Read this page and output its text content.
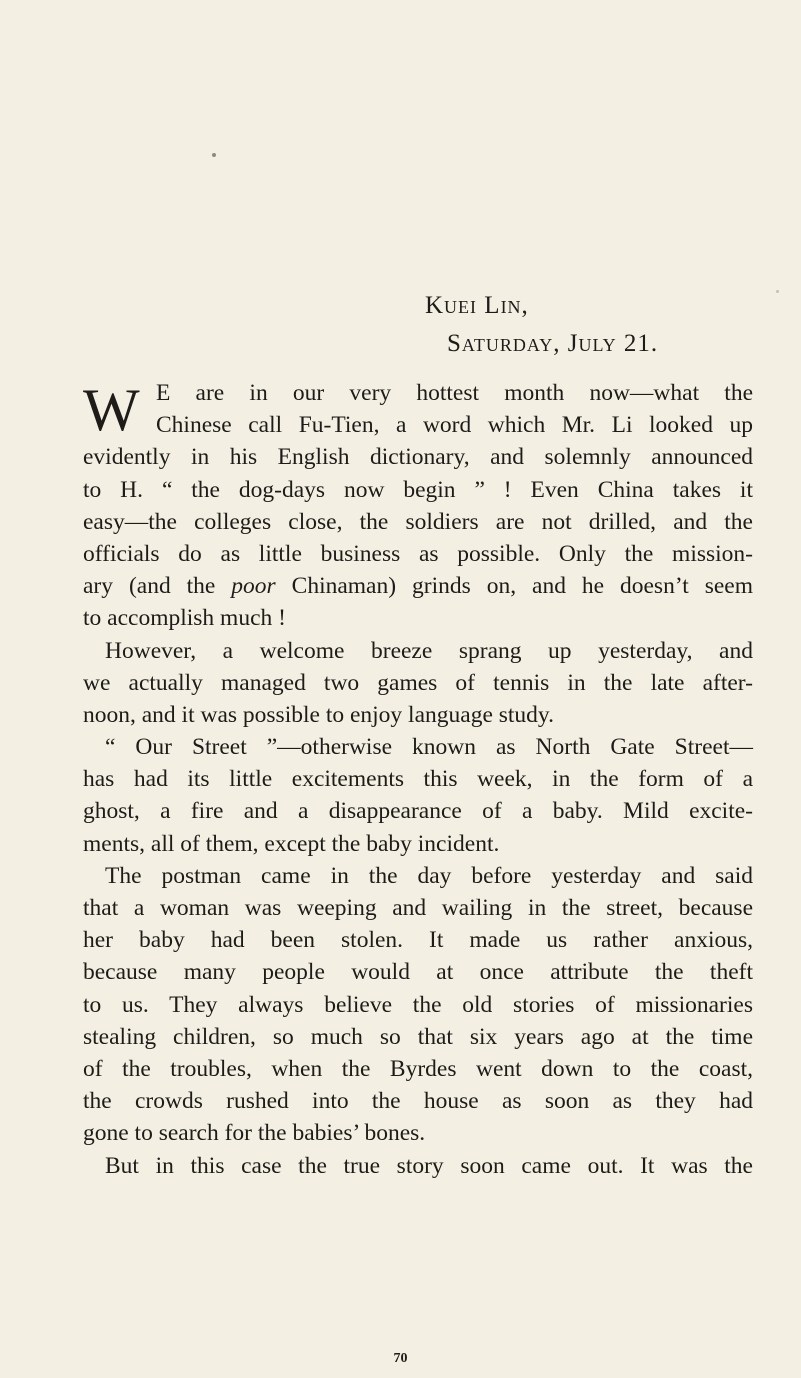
Kuei Lin,
Saturday, July 21.
W E are in our very hottest month now—what the
Chinese call Fu-Tien, a word which Mr. Li looked up
evidently in his English dictionary, and solemnly announced
to H. “ the dog-days now begin ” ! Even China takes it
easy—the colleges close, the soldiers are not drilled, and the
officials do as little business as possible. Only the mission-
ary (and the poor Chinaman) grinds on, and he doesn’t seem
to accomplish much !
However, a welcome breeze sprang up yesterday, and
we actually managed two games of tennis in the late after-
noon, and it was possible to enjoy language study.
“ Our Street ”—otherwise known as North Gate Street—
has had its little excitements this week, in the form of a
ghost, a fire and a disappearance of a baby. Mild excite-
ments, all of them, except the baby incident.
The postman came in the day before yesterday and said
that a woman was weeping and wailing in the street, because
her baby had been stolen. It made us rather anxious,
because many people would at once attribute the theft
to us. They always believe the old stories of missionaries
stealing children, so much so that six years ago at the time
of the troubles, when the Byrdes went down to the coast,
the crowds rushed into the house as soon as they had
gone to search for the babies’ bones.
But in this case the true story soon came out. It was the
70
